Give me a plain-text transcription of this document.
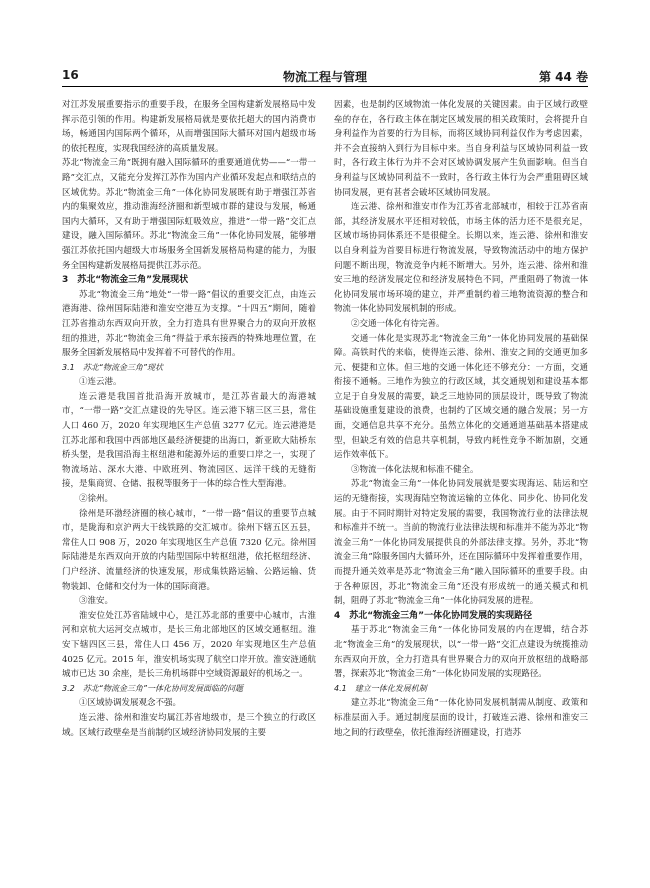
16	物流工程与管理	第 44 卷

对江苏发展重要指示的重要手段，在服务全国构建新发展格局中发挥示范引领的作用。构建新发展格局就是要依托超大的国内消费市场，畅通国内国际两个循环，从而增强国际大循环对国内超级市场的依托程度，实现我国经济的高质量发展。

苏北“物流金三角”既拥有融入国际循环的重要通道优势——“一带一路”交汇点，又能充分发挥江苏作为国内产业循环发起点和联结点的区域优势。苏北“物流金三角”一体化协同发展既有助于增强江苏省内的集聚效应，推动淮海经济圈和新型城市群的建设与发展，畅通国内大循环，又有助于增强国际虹吸效应，推进“一带一路”交汇点建设，融入国际循环。苏北“物流金三角”一体化协同发展，能够增强江苏依托国内超级大市场服务全国新发展格局构建的能力，为服务全国构建新发展格局提供江苏示范。

3　苏北“物流金三角”发展现状

苏北“物流金三角”地处“一带一路”倡议的重要交汇点，由连云港海港、徐州国际陆港和淮安空港互为支撑。“十四五”期间，随着江苏省推动东西双向开放，全力打造具有世界聚合力的双向开放枢纽的推进，苏北“物流金三角”得益于承东接西的特殊地理位置，在服务全国新发展格局中发挥着不可替代的作用。

3.1　苏北“物流金三角”现状

①连云港。

连云港是我国首批沿海开放城市，是江苏省最大的海港城市，“一带一路”交汇点建设的先导区。连云港下辖三区三县，常住人口 460 万，2020 年实现地区生产总值 3277 亿元。连云港港是江苏北部和我国中西部地区最经济便捷的出海口，新亚欧大陆桥东桥头堡，是我国沿海主枢纽港和能源外运的重要口岸之一，实现了物流场站、深水大港、中欧班列、物流园区、远洋干线的无缝衔接，是集商贸、仓储、报税等服务于一体的综合性大型海港。

②徐州。

徐州是环渤经济圈的核心城市，“一带一路”倡议的重要节点城市，是陇海和京沪两大干线铁路的交汇城市。徐州下辖五区五县，常住人口 908 万，2020 年实现地区生产总值 7320 亿元。徐州国际陆港是东西双向开放的内陆型国际中转枢纽港，依托枢纽经济、门户经济、流量经济的快速发展，形成集铁路运输、公路运输、货物装卸、仓储和交付为一体的国际商港。

③淮安。

淮安位处江苏省陆域中心，是江苏北部的重要中心城市，古淮河和京杭大运河交点城市，是长三角北部地区的区域交通枢纽。淮安下辖四区三县，常住人口 456 万，2020 年实现地区生产总值 4025 亿元。2015 年，淮安机场实现了航空口岸开放。淮安涟通航城市已达 30 余座，是长三角机场群中空域资源最好的机场之一。

3.2　苏北“物流金三角”一体化协同发展面临的问题

①区域协调发展观念不强。

连云港、徐州和淮安均属江苏省地级市，是三个独立的行政区域。区域行政壁垒是当前制约区域经济协同发展的主要

因素，也是制约区域物流一体化发展的关键因素。由于区域行政壁垒的存在，各行政主体在制定区域发展的相关政策时，会将提升自身利益作为首要的行为目标，而将区域协同利益仅作为考虑因素，并不会直接纳入到行为目标中来。当自身利益与区域协同利益一致时，各行政主体行为并不会对区域协调发展产生负面影响。但当自身利益与区域协同利益不一致时，各行政主体行为会严重阻碍区域协同发展，更有甚者会破坏区域协同发展。

连云港、徐州和淮安市作为江苏省北部城市，相较于江苏省南部，其经济发展水平还相对较低，市场主体的活力还不是很充足，区域市场协同体系还不是很健全。长期以来，连云港、徐州和淮安以自身利益为首要目标进行物流发展，导致物流活动中的地方保护问题不断出现，物流竞争内耗不断增大。另外，连云港、徐州和淮安三地的经济发展定位和经济发展特色不同，严重阻碍了物流一体化协同发展市场环境的建立，并严重制约着三地物流资源的整合和物流一体化协同发展机制的形成。

②交通一体化有待完善。

交通一体化是实现苏北“物流金三角”一体化协同发展的基础保障。高铁时代的来临，使得连云港、徐州、淮安之间的交通更加多元、便捷和立体。但三地的交通一体化还不够充分：一方面，交通衔接不通畅。三地作为独立的行政区域，其交通规划和建设基本都立足于自身发展的需要，缺乏三地协同的顶层设计，既导致了物流基础设施重复建设的浪费，也制约了区域交通的融合发展；另一方面，交通信息共享不充分。虽然立体化的交通通道基础基本搭建成型，但缺乏有效的信息共享机制，导致内耗性竞争不断加剧，交通运作效率低下。

③物流一体化法规和标准不健全。

苏北“物流金三角”一体化协同发展就是要实现海运、陆运和空运的无缝衔接，实现海陆空物流运输的立体化、同步化、协同化发展。由于不同时期针对特定发展的需要，我国物流行业的法律法规和标准并不统一。当前的物流行业法律法规和标准并不能为苏北“物流金三角”一体化协同发展提供良的外部法律支撑。另外，苏北“物流金三角”除服务国内大循环外，还在国际循环中发挥着重要作用，而提升通关效率是苏北“物流金三角”融入国际循环的重要手段。由于各种原因，苏北“物流金三角”还没有形成统一的通关模式和机制，阻碍了苏北“物流金三角”一体化协同发展的进程。

4　苏北“物流金三角”一体化协同发展的实现路径

基于苏北“物流金三角”一体化协同发展的内在逻辑，结合苏北“物流金三角”的发展现状，以“一带一路”交汇点建设为统揽推动东西双向开放，全力打造具有世界聚合力的双向开放枢纽的战略部署，探索苏北“物流金三角”一体化协同发展的实现路径。

4.1　建立一体化发展机制

建立苏北“物流金三角”一体化协同发展机制需从制度、政策和标准层面入手。通过制度层面的设计，打破连云港、徐州和淮安三地之间的行政壁垒，依托淮海经济圈建设，打造苏
